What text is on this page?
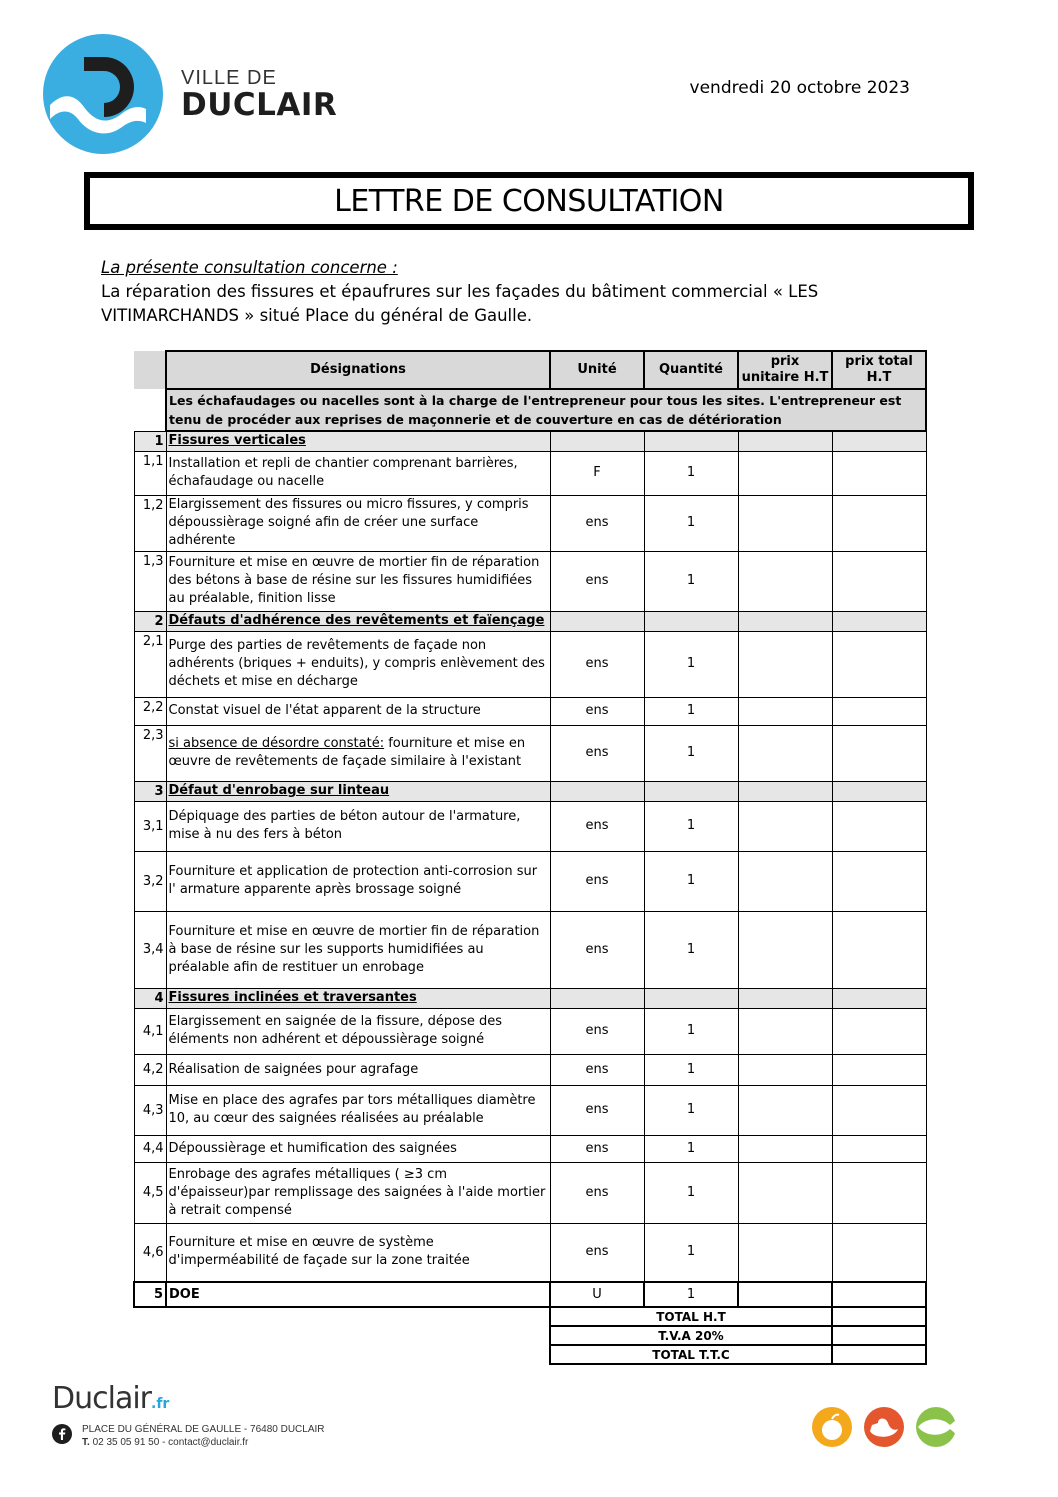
VILLE DE
DUCLAIR	vendredi 20 octobre 2023
LETTRE DE CONSULTATION
La présente consultation concerne :
La réparation des fissures et épaufrures sur les façades du bâtiment commercial « LES VITIMARCHANDS » situé Place du général de Gaulle.
	Désignations	Unité	Quantité	prix unitaire H.T	prix total H.T
	Les échafaudages ou nacelles sont à la charge de l'entrepreneur pour tous les sites. L'entrepreneur est tenu de procéder aux reprises de maçonnerie et de couverture en cas de détérioration				
1	Fissures verticales				
1,1	Installation et repli de chantier comprenant barrières, échafaudage ou nacelle	F	1		
1,2	Elargissement des fissures ou micro fissures, y compris dépoussièrage soigné afin de créer une surface adhérente	ens	1		
1,3	Fourniture et mise en œuvre de mortier fin de réparation des bétons à base de résine sur les fissures humidifiées au préalable, finition lisse	ens	1		
2	Défauts d'adhérence des revêtements et faïençage				
2,1	Purge des parties de revêtements de façade non adhérents (briques + enduits), y compris enlèvement des déchets et mise en décharge	ens	1		
2,2	Constat visuel de l'état apparent de la structure	ens	1		
2,3	si absence de désordre constaté: fourniture et mise en œuvre de revêtements de façade similaire à l'existant	ens	1		
3	Défaut d'enrobage sur linteau				
3,1	Dépiquage des parties de béton autour de l'armature, mise à nu des fers à béton	ens	1		
3,2	Fourniture et application de protection anti-corrosion sur l' armature apparente après brossage soigné	ens	1		
3,4	Fourniture et mise en œuvre de mortier fin de réparation à base de résine sur les supports humidifiées au préalable afin de restituer un enrobage	ens	1		
4	Fissures inclinées et traversantes				
4,1	Elargissement en saignée de la fissure, dépose des éléments non adhérent et dépoussièrage soigné	ens	1		
4,2	Réalisation de saignées pour agrafage	ens	1		
4,3	Mise en place des agrafes par tors métalliques diamètre 10, au cœur des saignées réalisées au préalable	ens	1		
4,4	Dépoussièrage et humification des saignées	ens	1		
4,5	Enrobage des agrafes métalliques ( ≥3 cm d'épaisseur)par remplissage des saignées à l'aide mortier à retrait compensé	ens	1		
4,6	Fourniture et mise en œuvre de système d'imperméabilité de façade sur la zone traitée	ens	1		
5	DOE	U	1		
		TOTAL H.T			
		T.V.A 20%			
		TOTAL T.T.C			
Duclair.fr
PLACE DU GÉNÉRAL DE GAULLE - 76480 DUCLAIR
T. 02 35 05 91 50 - contact@duclair.fr
